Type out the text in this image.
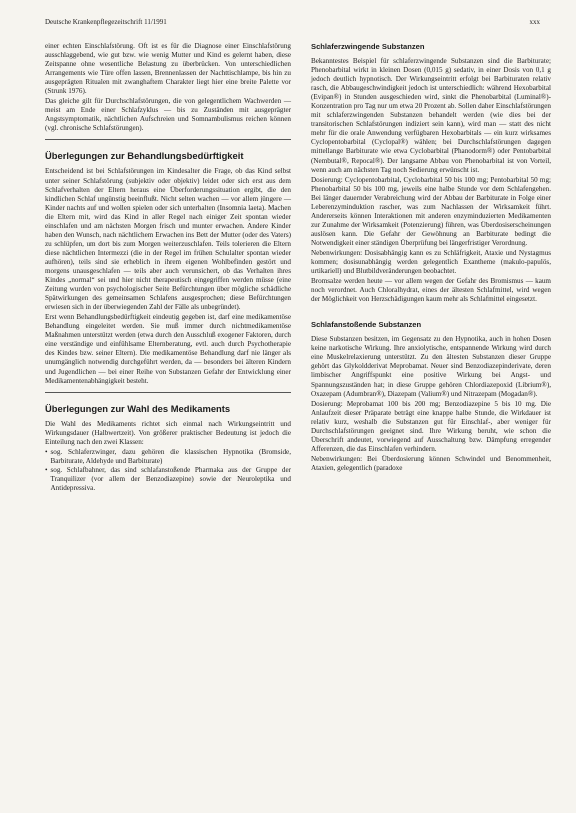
Deutsche Krankenpflegezeitschrift 11/1991	xxx

einer echten Einschlafstörung. Oft ist es für die Diagnose einer Einschlafstörung ausschlaggebend, wie gut bzw. wie wenig Mutter und Kind es gelernt haben, diese Zeitspanne ohne wesentliche Belastung zu überbrücken. Von unterschiedlichen Arrangements wie Türe offen lassen, Brennenlassen der Nachttischlampe, bis hin zu ausgeprägten Ritualen mit zwanghaftem Charakter liegt hier eine breite Palette vor (Strunk 1976).

Das gleiche gilt für Durchschlafstörungen, die von gelegentlichem Wachwerden — meist am Ende einer Schlafzyklus — bis zu Zuständen mit ausgeprägter Angstsymptomatik, nächtlichen Aufschreien und Somnambulismus reichen können (vgl. chronische Schlafstörungen).

Überlegungen zur Behandlungsbedürftigkeit

Entscheidend ist bei Schlafstörungen im Kindesalter die Frage, ob das Kind selbst unter seiner Schlafstörung (subjektiv oder objektiv) leidet oder sich erst aus dem Schlafverhalten der Eltern heraus eine Überforderungssituation ergibt, die den kindlichen Schlaf ungünstig beeinflußt. Nicht selten wachen — vor allem jüngere — Kinder nachts auf und wollen spielen oder sich unterhalten (Insomnia laeta). Machen die Eltern mit, wird das Kind in aller Regel nach einiger Zeit spontan wieder einschlafen und am nächsten Morgen frisch und munter erwachen. Andere Kinder haben den Wunsch, nach nächtlichem Erwachen ins Bett der Mutter (oder des Vaters) zu schlüpfen, um dort bis zum Morgen weiterzuschlafen. Teils tolerieren die Eltern diese nächtlichen Intermezzi (die in der Regel im frühen Schulalter spontan wieder aufhören), teils sind sie erheblich in ihrem eigenen Wohlbefinden gestört und morgens unausgeschlafen — teils aber auch verunsichert, ob das Verhalten ihres Kindes „normal“ sei und hier nicht therapeutisch eingegriffen werden müsse (eine Zeitung wurden von psychologischer Seite Befürchtungen über mögliche schädliche Spätwirkungen des gemeinsamen Schlafens ausgesprochen; diese Befürchtungen erwiesen sich in der überwiegenden Zahl der Fälle als unbegründet).

Erst wenn Behandlungsbedürftigkeit eindeutig gegeben ist, darf eine medikamentöse Behandlung eingeleitet werden. Sie muß immer durch nichtmedikamentöse Maßnahmen unterstützt werden (etwa durch den Ausschluß exogener Faktoren, durch eine verständige und einfühlsame Elternberatung, evtl. auch durch Psychotherapie des Kindes bzw. seiner Eltern). Die medikamentöse Behandlung darf nie länger als unumgänglich notwendig durchgeführt werden, da — besonders bei älteren Kindern und Jugendlichen — bei einer Reihe von Substanzen Gefahr der Entwicklung einer Medikamentenabhängigkeit besteht.

Überlegungen zur Wahl des Medikaments

Die Wahl des Medikaments richtet sich einmal nach Wirkungseintritt und Wirkungsdauer (Halbwertzeit). Von größerer praktischer Bedeutung ist jedoch die Einteilung nach den zwei Klassen:

• sog. Schlaferzwinger, dazu gehören die klassischen Hypnotika (Bromside, Barbiturate, Aldehyde und Barbiturate)
• sog. Schlafbahner, das sind schlafanstoßende Pharmaka aus der Gruppe der Tranquilizer (vor allem der Benzodiazepine) sowie der Neuroleptika und Antidepressiva.
Schlaferzwingende Substanzen

Bekanntestes Beispiel für schlaferzwingende Substanzen sind die Barbiturate; Phenobarbital wirkt in kleinen Dosen (0,015 g) sedativ, in einer Dosis von 0,1 g jedoch deutlich hypnotisch. Der Wirkungseintritt erfolgt bei Barbituraten relativ rasch, die Abbaugeschwindigkeit jedoch ist unterschiedlich: während Hexobarbital (Evipan®) in Stunden ausgeschieden wird, sinkt die Phenobarbital (Luminal®)-Konzentration pro Tag nur um etwa 20 Prozent ab. Sollen daher Einschlafstörungen mit schlaferzwingenden Substanzen behandelt werden (wie dies bei der transitorischen Schlafstörungen indiziert sein kann), wird man — statt des nicht mehr für die orale Anwendung verfügbaren Hexobarbitals — ein kurz wirksames Cyclopentobarbital (Cyclopal®) wählen; bei Durchschlafstörungen dagegen mittellange Barbiturate wie etwa Cyclobarbital (Phanodorm®) oder Pentobarbital (Nembutal®, Repocal®). Der langsame Abbau von Phenobarbital ist von Vorteil, wenn auch am nächsten Tag noch Sedierung erwünscht ist.

Dosierung: Cyclopentobarbital, Cyclobarbital 50 bis 100 mg; Pentobarbital 50 mg; Phenobarbital 50 bis 100 mg, jeweils eine halbe Stunde vor dem Schlafengehen. Bei länger dauernder Verabreichung wird der Abbau der Barbiturate in Folge einer Leberenzyminduktion rascher, was zum Nachlassen der Wirksamkeit führt. Andererseits können Interaktionen mit anderen enzyminduzierten Medikamenten zur Zunahme der Wirksamkeit (Potenzierung) führen, was Überdosiserscheinungen auslösen kann. Die Gefahr der Gewöhnung an Barbiturate bedingt die Notwendigkeit einer ständigen Überprüfung bei längerfristiger Verordnung.

Nebenwirkungen: Dosisabhängig kann es zu Schläfrigkeit, Ataxie und Nystagmus kommen; dosisunabhängig werden gelegentlich Exantheme (makulo-papulös, urtikariell) und Blutbildveränderungen beobachtet.

Bromsalze werden heute — vor allem wegen der Gefahr des Bromismus — kaum noch verordnet. Auch Chloralhydrat, eines der ältesten Schlafmittel, wird wegen der Möglichkeit von Herzschädigungen kaum mehr als Schlafmittel eingesetzt.

Schlafanstoßende Substanzen

Diese Substanzen besitzen, im Gegensatz zu den Hypnotika, auch in hohen Dosen keine narkotische Wirkung. Ihre anxiolytische, entspannende Wirkung wird durch eine Muskelrelaxierung unterstützt. Zu den ältesten Substanzen dieser Gruppe gehört das Glykoldderivat Meprobamat. Neuer sind Benzodiazepinderivate, deren limbischer Angriffspunkt eine positive Wirkung bei Angst- und Spannungszuständen hat; in diese Gruppe gehören Chlordiazepoxid (Librium®), Oxazepam (Adumbran®), Diazepam (Valium®) und Nitrazepam (Mogadan®).

Dosierung: Meprobamat 100 bis 200 mg; Benzodiazepine 5 bis 10 mg. Die Anlaufzeit dieser Präparate beträgt eine knappe halbe Stunde, die Wirkdauer ist relativ kurz, weshalb die Substanzen gut für Einschlaf-, aber weniger für Durchschlafstörungen geeignet sind. Ihre Wirkung beruht, wie schon die Überschrift andeutet, vorwiegend auf Ausschaltung bzw. Dämpfung erregender Afferenzen, die das Einschlafen verhindern.

Nebenwirkungen: Bei Überdosierung können Schwindel und Benommenheit, Ataxien, gelegentlich (paradoxe
